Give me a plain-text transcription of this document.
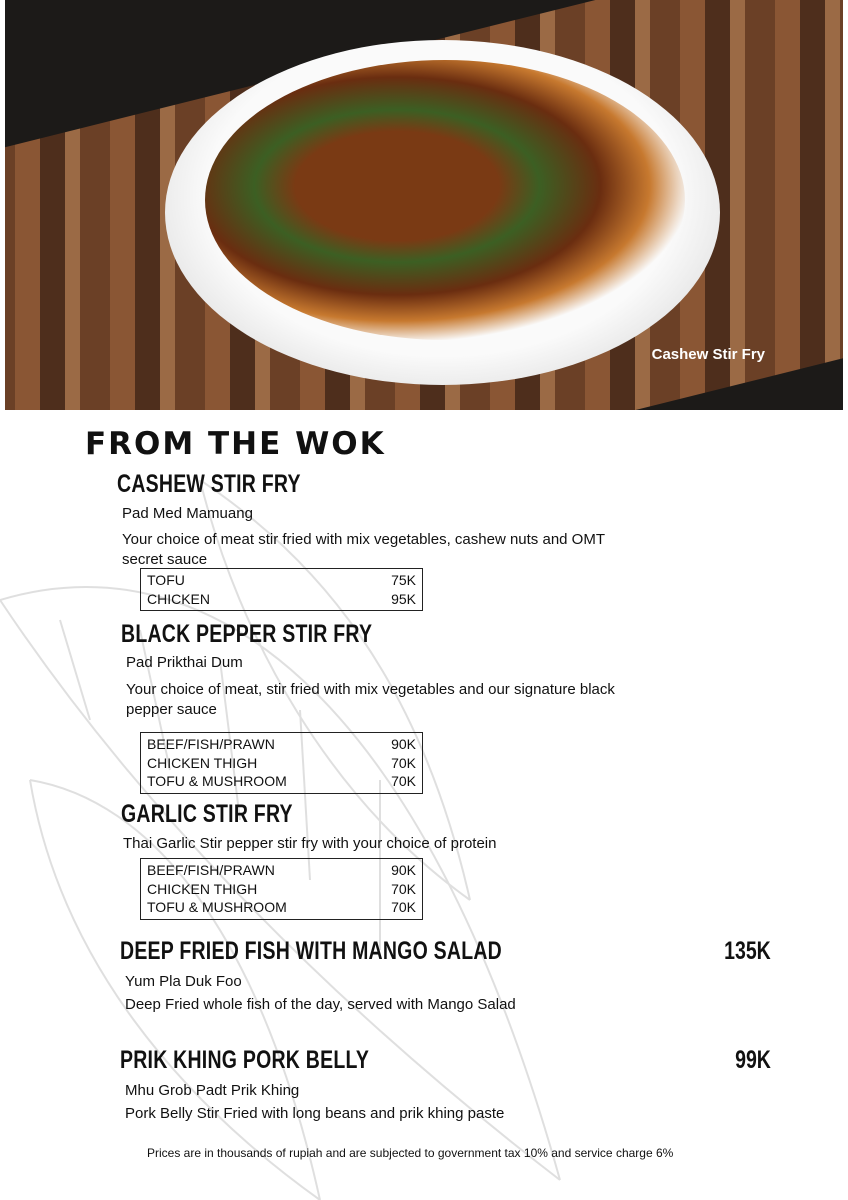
Cashew Stir Fry
FROM THE WOK
CASHEW STIR FRY
Pad Med Mamuang
Your choice of meat stir fried with mix vegetables, cashew nuts and OMT secret sauce
TOFU	75K
CHICKEN	95K
BLACK PEPPER STIR FRY
Pad Prikthai Dum
Your choice of meat, stir fried with mix vegetables and our signature black pepper sauce
BEEF/FISH/PRAWN	90K
CHICKEN THIGH	70K
TOFU & MUSHROOM	70K
GARLIC STIR FRY
Thai Garlic Stir pepper stir fry with your choice of protein
BEEF/FISH/PRAWN	90K
CHICKEN THIGH	70K
TOFU & MUSHROOM	70K
DEEP FRIED FISH WITH MANGO SALAD	135K
Yum Pla Duk Foo
Deep Fried whole fish of the day, served with Mango Salad
PRIK KHING PORK BELLY	99K
Mhu Grob Padt Prik Khing
Pork Belly Stir Fried with long beans and prik khing paste
Prices are in thousands of rupiah and are subjected to government tax 10% and service charge 6%
